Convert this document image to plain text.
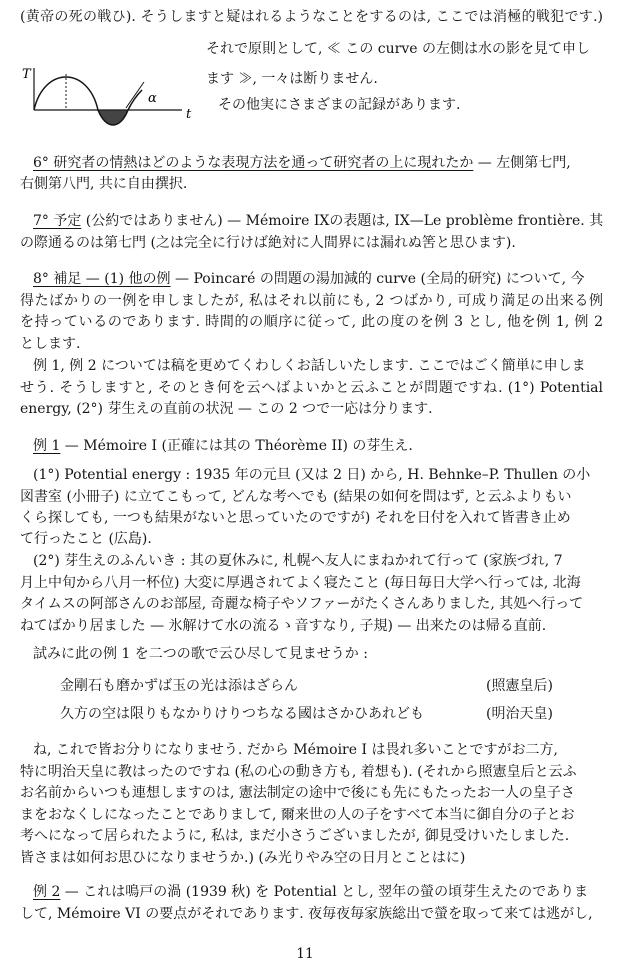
(黄帝の死の戦ひ). そうしますと疑はれるようなことをするのは, ここでは消極的戦犯です.)
それで原則として, ≪ この curve の左側は水の影を見て申し
ます ≫, 一々は断りません.
その他実にさまざまの記録があります.
T
α
t
6° 研究者の情熱はどのような表現方法を通って研究者の上に現れたか — 左側第七門,
右側第八門, 共に自由撰択.
7° 予定 (公約ではありません) — Mémoire IXの表題は, IX—Le problème frontière. 其
の際通るのは第七門 (之は完全に行けば絶対に人間界には漏れぬ筈と思ひます).
8° 補足 — (1) 他の例 — Poincaré の問題の湯加減的 curve (全局的研究) について, 今
得たばかりの一例を申しましたが, 私はそれ以前にも, 2 つばかり, 可成り満足の出来る例
を持っているのであります. 時間的の順序に従って, 此の度のを例 3 とし, 他を例 1, 例 2
とします.
例 1, 例 2 については稿を更めてくわしくお話しいたします. ここではごく簡単に申しま
せう. そうしますと, そのとき何を云へばよいかと云ふことが問題ですね. (1°) Potential
energy, (2°) 芽生えの直前の状況 — この 2 つで一応は分ります.
例 1 — Mémoire I (正確には其の Théorème II) の芽生え.
(1°) Potential energy : 1935 年の元旦 (又は 2 日) から, H. Behnke–P. Thullen の小
図書室 (小冊子) に立てこもって, どんな考へでも (結果の如何を問はず, と云ふよりもい
くら探しても, 一つも結果がないと思っていたのですが) それを日付を入れて皆書き止め
て行ったこと (広島).
(2°) 芽生えのふんいき : 其の夏休みに, 札幌へ友人にまねかれて行って (家族づれ, 7
月上中旬から八月一杯位) 大変に厚遇されてよく寝たこと (毎日毎日大学へ行っては, 北海
タイムスの阿部さんのお部屋, 奇麗な椅子やソファーがたくさんありました, 其処へ行って
ねてばかり居ました — 氷解けて水の流るゝ音すなり, 子規) — 出来たのは帰る直前.
試みに此の例 1 を二つの歌で云ひ尽して見ませうか :
金剛石も磨かずば玉の光は添はざらん	(照憲皇后)
久方の空は限りもなかりけりつちなる國はさかひあれども	(明治天皇)
ね, これで皆お分りになりませう. だから Mémoire I は畏れ多いことですがお二方,
特に明治天皇に教はったのですね (私の心の動き方も, 着想も). (それから照憲皇后と云ふ
お名前からいつも連想しますのは, 憲法制定の途中で後にも先にもたったお一人の皇子さ
まをおなくしになったことでありまして, 爾来世の人の子をすべて本当に御自分の子とお
考へになって居られたように, 私は, まだ小さうございましたが, 御見受けいたしました.
皆さまは如何お思ひになりませうか.) (み光りやみ空の日月とことはに)
例 2 — これは鳴戸の渦 (1939 秋) を Potential とし, 翌年の螢の頃芽生えたのでありま
して, Mémoire VI の要点がそれであります. 夜毎夜毎家族総出で螢を取って来ては逃がし,
11
